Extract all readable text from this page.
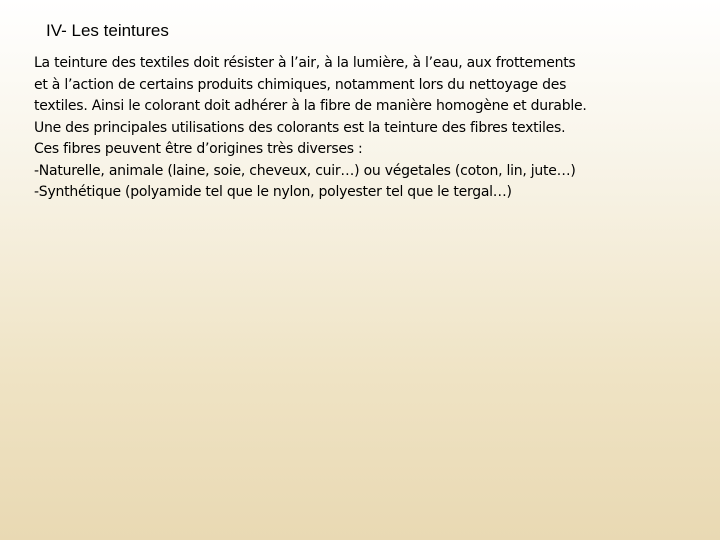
IV- Les teintures
La teinture des textiles doit résister à l’air, à la lumière, à l’eau, aux frottements
et à l’action de certains produits chimiques, notamment lors du nettoyage des
textiles. Ainsi le colorant doit adhérer à la fibre de manière homogène et durable.
Une des principales utilisations des colorants est la teinture des fibres textiles.
Ces fibres peuvent être d’origines très diverses :
-Naturelle, animale (laine, soie, cheveux, cuir…) ou végetales (coton, lin, jute…)
-Synthétique (polyamide tel que le nylon, polyester tel que le tergal…)
